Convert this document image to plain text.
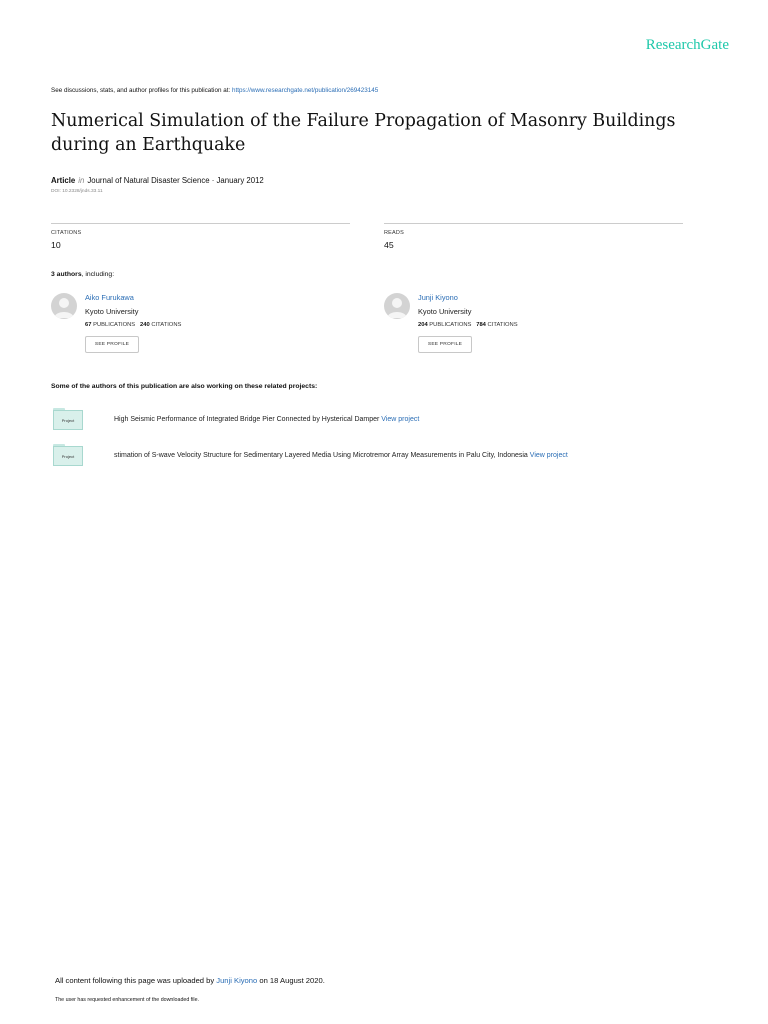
ResearchGate
See discussions, stats, and author profiles for this publication at: https://www.researchgate.net/publication/269423145
Numerical Simulation of the Failure Propagation of Masonry Buildings during an Earthquake
Article in Journal of Natural Disaster Science · January 2012
DOI: 10.2328/jnds.33.11
CITATIONS
10
READS
45
3 authors, including:
Aiko Furukawa
Kyoto University
67 PUBLICATIONS 240 CITATIONS
SEE PROFILE
Junji Kiyono
Kyoto University
204 PUBLICATIONS 784 CITATIONS
SEE PROFILE
Some of the authors of this publication are also working on these related projects:
Project	High Seismic Performance of Integrated Bridge Pier Connected by Hysterical Damper View project
Project	stimation of S-wave Velocity Structure for Sedimentary Layered Media Using Microtremor Array Measurements in Palu City, Indonesia View project
All content following this page was uploaded by Junji Kiyono on 18 August 2020.
The user has requested enhancement of the downloaded file.
